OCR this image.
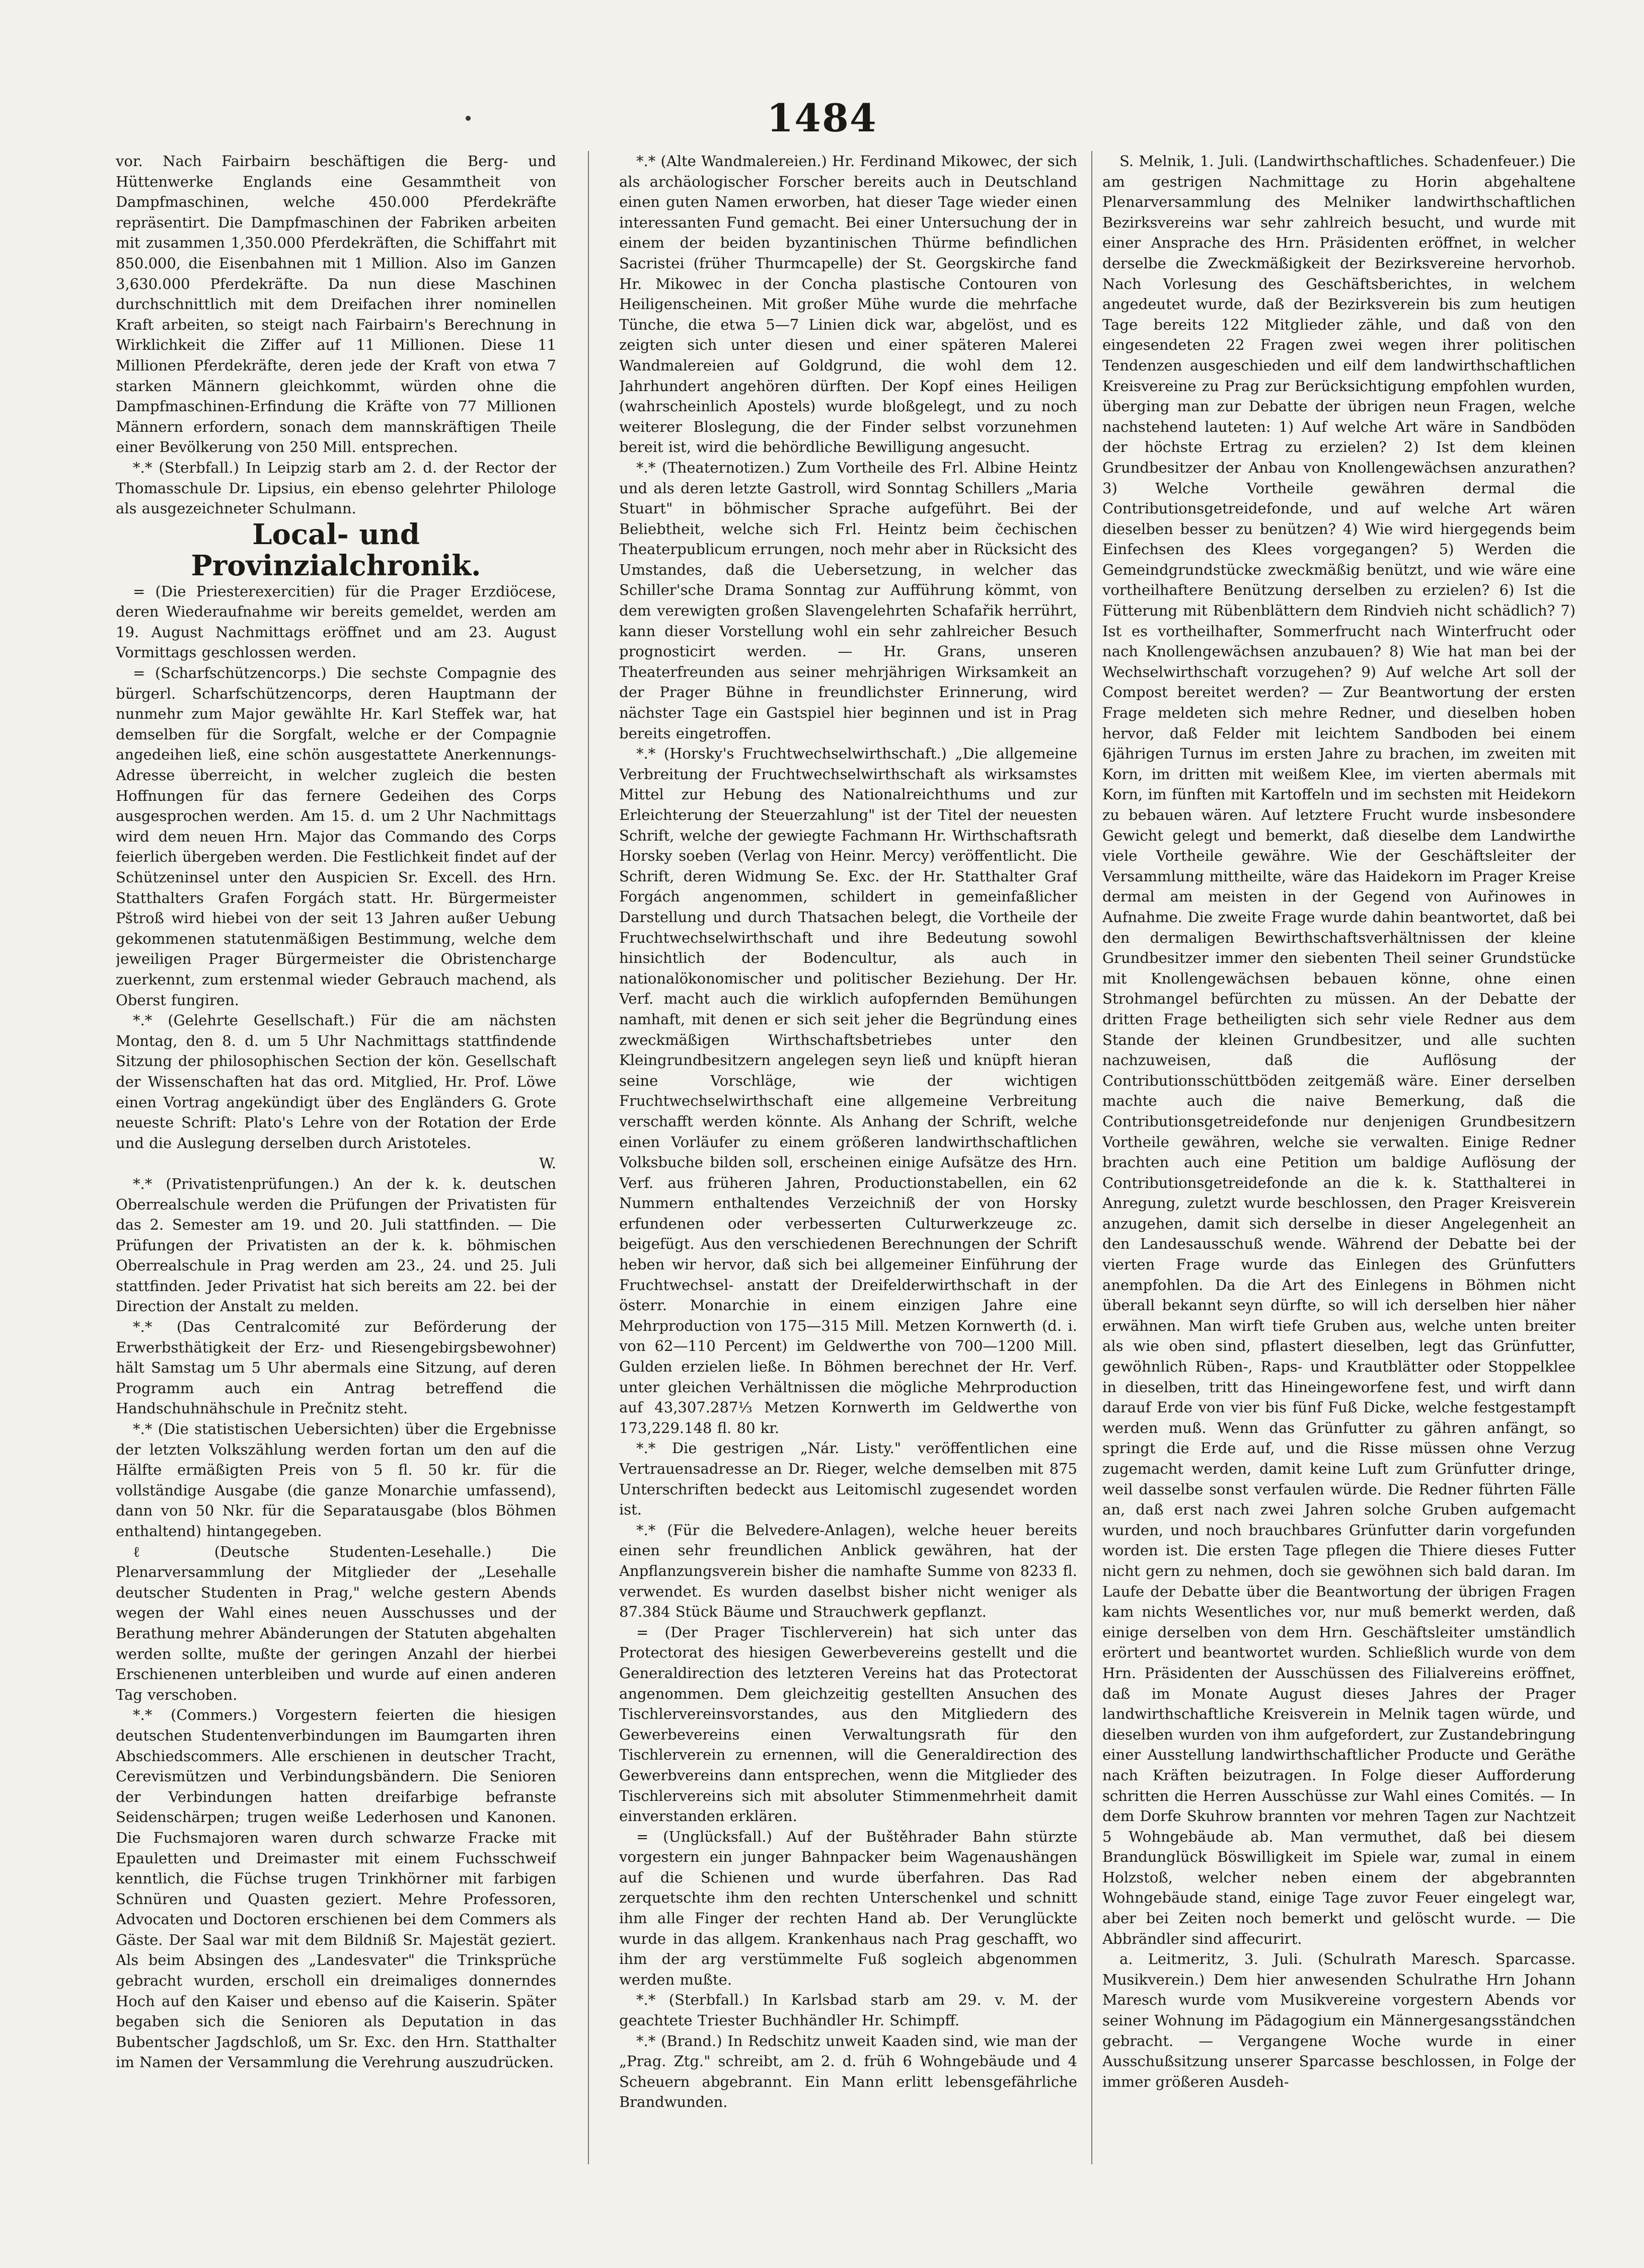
1484

vor. Nach Fairbairn beschäftigen die Berg- und Hüttenwerke Englands eine Gesammtheit von Dampfmaschinen, welche 450.000 Pferdekräfte repräsentirt. Die Dampfmaschinen der Fabriken arbeiten mit zusammen 1,350.000 Pferdekräften, die Schiffahrt mit 850.000, die Eisenbahnen mit 1 Million. Also im Ganzen 3,630.000 Pferdekräfte. Da nun diese Maschinen durchschnittlich mit dem Dreifachen ihrer nominellen Kraft arbeiten, so steigt nach Fairbairn's Berechnung in Wirklichkeit die Ziffer auf 11 Millionen. Diese 11 Millionen Pferdekräfte, deren jede der Kraft von etwa 7 starken Männern gleichkommt, würden ohne die Dampfmaschinen-Erfindung die Kräfte von 77 Millionen Männern erfordern, sonach dem mannskräftigen Theile einer Bevölkerung von 250 Mill. entsprechen.

*.* (Sterbfall.) In Leipzig starb am 2. d. der Rector der Thomasschule Dr. Lipsius, ein ebenso gelehrter Philologe als ausgezeichneter Schulmann.

Local- und Provinzialchronik.

= (Die Priesterexercitien) für die Prager Erzdiöcese, deren Wiederaufnahme wir bereits gemeldet, werden am 19. August Nachmittags eröffnet und am 23. August Vormittags geschlossen werden.

= (Scharfschützencorps.) Die sechste Compagnie des bürgerl. Scharfschützencorps, deren Hauptmann der nunmehr zum Major gewählte Hr. Karl Steffek war, hat demselben für die Sorgfalt, welche er der Compagnie angedeihen ließ, eine schön ausgestattete Anerkennungs-Adresse überreicht, in welcher zugleich die besten Hoffnungen für das fernere Gedeihen des Corps ausgesprochen werden. Am 15. d. um 2 Uhr Nachmittags wird dem neuen Hrn. Major das Commando des Corps feierlich übergeben werden. Die Festlichkeit findet auf der Schützeninsel unter den Auspicien Sr. Excell. des Hrn. Statthalters Grafen Forgách statt. Hr. Bürgermeister Pštroß wird hiebei von der seit 13 Jahren außer Uebung gekommenen statutenmäßigen Bestimmung, welche dem jeweiligen Prager Bürgermeister die Obristencharge zuerkennt, zum erstenmal wieder Gebrauch machend, als Oberst fungiren.

*.* (Gelehrte Gesellschaft.) Für die am nächsten Montag, den 8. d. um 5 Uhr Nachmittags stattfindende Sitzung der philosophischen Section der kön. Gesellschaft der Wissenschaften hat das ord. Mitglied, Hr. Prof. Löwe einen Vortrag angekündigt über des Engländers G. Grote neueste Schrift: Plato's Lehre von der Rotation der Erde und die Auslegung derselben durch Aristoteles.

W.

*.* (Privatistenprüfungen.) An der k. k. deutschen Oberrealschule werden die Prüfungen der Privatisten für das 2. Semester am 19. und 20. Juli stattfinden. — Die Prüfungen der Privatisten an der k. k. böhmischen Oberrealschule in Prag werden am 23., 24. und 25. Juli stattfinden. Jeder Privatist hat sich bereits am 22. bei der Direction der Anstalt zu melden.

*.* (Das Centralcomité zur Beförderung der Erwerbsthätigkeit der Erz- und Riesengebirgsbewohner) hält Samstag um 5 Uhr abermals eine Sitzung, auf deren Programm auch ein Antrag betreffend die Handschuhnähschule in Prečnitz steht.

*.* (Die statistischen Uebersichten) über die Ergebnisse der letzten Volkszählung werden fortan um den auf die Hälfte ermäßigten Preis von 5 fl. 50 kr. für die vollständige Ausgabe (die ganze Monarchie umfassend), dann von 50 Nkr. für die Separatausgabe (blos Böhmen enthaltend) hintangegeben.

ℓ (Deutsche Studenten-Lesehalle.) Die Plenarversammlung der Mitglieder der „Lesehalle deutscher Studenten in Prag," welche gestern Abends wegen der Wahl eines neuen Ausschusses und der Berathung mehrer Abänderungen der Statuten abgehalten werden sollte, mußte der geringen Anzahl der hierbei Erschienenen unterbleiben und wurde auf einen anderen Tag verschoben.

*.* (Commers.) Vorgestern feierten die hiesigen deutschen Studentenverbindungen im Baumgarten ihren Abschiedscommers. Alle erschienen in deutscher Tracht, Cerevismützen und Verbindungsbändern. Die Senioren der Verbindungen hatten dreifarbige befranste Seidenschärpen; trugen weiße Lederhosen und Kanonen. Die Fuchsmajoren waren durch schwarze Fracke mit Epauletten und Dreimaster mit einem Fuchsschweif kenntlich, die Füchse trugen Trinkhörner mit farbigen Schnüren und Quasten geziert. Mehre Professoren, Advocaten und Doctoren erschienen bei dem Commers als Gäste. Der Saal war mit dem Bildniß Sr. Majestät geziert. Als beim Absingen des „Landesvater" die Trinksprüche gebracht wurden, erscholl ein dreimaliges donnerndes Hoch auf den Kaiser und ebenso auf die Kaiserin. Später begaben sich die Senioren als Deputation in das Bubentscher Jagdschloß, um Sr. Exc. den Hrn. Statthalter im Namen der Versammlung die Verehrung auszudrücken.

*.* (Alte Wandmalereien.) Hr. Ferdinand Mikowec, der sich als archäologischer Forscher bereits auch in Deutschland einen guten Namen erworben, hat dieser Tage wieder einen interessanten Fund gemacht. Bei einer Untersuchung der in einem der beiden byzantinischen Thürme befindlichen Sacristei (früher Thurmcapelle) der St. Georgskirche fand Hr. Mikowec in der Concha plastische Contouren von Heiligenscheinen. Mit großer Mühe wurde die mehrfache Tünche, die etwa 5—7 Linien dick war, abgelöst, und es zeigten sich unter diesen und einer späteren Malerei Wandmalereien auf Goldgrund, die wohl dem 12. Jahrhundert angehören dürften. Der Kopf eines Heiligen (wahrscheinlich Apostels) wurde bloßgelegt, und zu noch weiterer Bloslegung, die der Finder selbst vorzunehmen bereit ist, wird die behördliche Bewilligung angesucht.

*.* (Theaternotizen.) Zum Vortheile des Frl. Albine Heintz und als deren letzte Gastroll, wird Sonntag Schillers „Maria Stuart" in böhmischer Sprache aufgeführt. Bei der Beliebtheit, welche sich Frl. Heintz beim čechischen Theaterpublicum errungen, noch mehr aber in Rücksicht des Umstandes, daß die Uebersetzung, in welcher das Schiller'sche Drama Sonntag zur Aufführung kömmt, von dem verewigten großen Slavengelehrten Schafařik herrührt, kann dieser Vorstellung wohl ein sehr zahlreicher Besuch prognosticirt werden. — Hr. Grans, unseren Theaterfreunden aus seiner mehrjährigen Wirksamkeit an der Prager Bühne in freundlichster Erinnerung, wird nächster Tage ein Gastspiel hier beginnen und ist in Prag bereits eingetroffen.

*.* (Horsky's Fruchtwechselwirthschaft.) „Die allgemeine Verbreitung der Fruchtwechselwirthschaft als wirksamstes Mittel zur Hebung des Nationalreichthums und zur Erleichterung der Steuerzahlung" ist der Titel der neuesten Schrift, welche der gewiegte Fachmann Hr. Wirthschaftsrath Horsky soeben (Verlag von Heinr. Mercy) veröffentlicht. Die Schrift, deren Widmung Se. Exc. der Hr. Statthalter Graf Forgách angenommen, schildert in gemeinfaßlicher Darstellung und durch Thatsachen belegt, die Vortheile der Fruchtwechselwirthschaft und ihre Bedeutung sowohl hinsichtlich der Bodencultur, als auch in nationalökonomischer und politischer Beziehung. Der Hr. Verf. macht auch die wirklich aufopfernden Bemühungen namhaft, mit denen er sich seit jeher die Begründung eines zweckmäßigen Wirthschaftsbetriebes unter den Kleingrundbesitzern angelegen seyn ließ und knüpft hieran seine Vorschläge, wie der wichtigen Fruchtwechselwirthschaft eine allgemeine Verbreitung verschafft werden könnte. Als Anhang der Schrift, welche einen Vorläufer zu einem größeren landwirthschaftlichen Volksbuche bilden soll, erscheinen einige Aufsätze des Hrn. Verf. aus früheren Jahren, Productionstabellen, ein 62 Nummern enthaltendes Verzeichniß der von Horsky erfundenen oder verbesserten Culturwerkzeuge zc. beigefügt. Aus den verschiedenen Berechnungen der Schrift heben wir hervor, daß sich bei allgemeiner Einführung der Fruchtwechsel- anstatt der Dreifelderwirthschaft in der österr. Monarchie in einem einzigen Jahre eine Mehrproduction von 175—315 Mill. Metzen Kornwerth (d. i. von 62—110 Percent) im Geldwerthe von 700—1200 Mill. Gulden erzielen ließe. In Böhmen berechnet der Hr. Verf. unter gleichen Verhältnissen die mögliche Mehrproduction auf 43,307.287⅓ Metzen Kornwerth im Geldwerthe von 173,229.148 fl. 80 kr.

*.* Die gestrigen „Nár. Listy." veröffentlichen eine Vertrauensadresse an Dr. Rieger, welche demselben mit 875 Unterschriften bedeckt aus Leitomischl zugesendet worden ist.

*.* (Für die Belvedere-Anlagen), welche heuer bereits einen sehr freundlichen Anblick gewähren, hat der Anpflanzungsverein bisher die namhafte Summe von 8233 fl. verwendet. Es wurden daselbst bisher nicht weniger als 87.384 Stück Bäume und Strauchwerk gepflanzt.

= (Der Prager Tischlerverein) hat sich unter das Protectorat des hiesigen Gewerbevereins gestellt und die Generaldirection des letzteren Vereins hat das Protectorat angenommen. Dem gleichzeitig gestellten Ansuchen des Tischlervereinsvorstandes, aus den Mitgliedern des Gewerbevereins einen Verwaltungsrath für den Tischlerverein zu ernennen, will die Generaldirection des Gewerbvereins dann entsprechen, wenn die Mitglieder des Tischlervereins sich mit absoluter Stimmenmehrheit damit einverstanden erklären.

= (Unglücksfall.) Auf der Buštěhrader Bahn stürzte vorgestern ein junger Bahnpacker beim Wagenaushängen auf die Schienen und wurde überfahren. Das Rad zerquetschte ihm den rechten Unterschenkel und schnitt ihm alle Finger der rechten Hand ab. Der Verunglückte wurde in das allgem. Krankenhaus nach Prag geschafft, wo ihm der arg verstümmelte Fuß sogleich abgenommen werden mußte.

*.* (Sterbfall.) In Karlsbad starb am 29. v. M. der geachtete Triester Buchhändler Hr. Schimpff.

*.* (Brand.) In Redschitz unweit Kaaden sind, wie man der „Prag. Ztg." schreibt, am 2. d. früh 6 Wohngebäude und 4 Scheuern abgebrannt. Ein Mann erlitt lebensgefährliche Brandwunden.

S. Melnik, 1. Juli. (Landwirthschaftliches. Schadenfeuer.) Die am gestrigen Nachmittage zu Horin abgehaltene Plenarversammlung des Melniker landwirthschaftlichen Bezirksvereins war sehr zahlreich besucht, und wurde mit einer Ansprache des Hrn. Präsidenten eröffnet, in welcher derselbe die Zweckmäßigkeit der Bezirksvereine hervorhob. Nach Vorlesung des Geschäftsberichtes, in welchem angedeutet wurde, daß der Bezirksverein bis zum heutigen Tage bereits 122 Mitglieder zähle, und daß von den eingesendeten 22 Fragen zwei wegen ihrer politischen Tendenzen ausgeschieden und eilf dem landwirthschaftlichen Kreisvereine zu Prag zur Berücksichtigung empfohlen wurden, überging man zur Debatte der übrigen neun Fragen, welche nachstehend lauteten: 1) Auf welche Art wäre in Sandböden der höchste Ertrag zu erzielen? 2) Ist dem kleinen Grundbesitzer der Anbau von Knollengewächsen anzurathen? 3) Welche Vortheile gewähren dermal die Contributionsgetreidefonde, und auf welche Art wären dieselben besser zu benützen? 4) Wie wird hiergegends beim Einfechsen des Klees vorgegangen? 5) Werden die Gemeindgrundstücke zweckmäßig benützt, und wie wäre eine vortheilhaftere Benützung derselben zu erzielen? 6) Ist die Fütterung mit Rübenblättern dem Rindvieh nicht schädlich? 7) Ist es vortheilhafter, Sommerfrucht nach Winterfrucht oder nach Knollengewächsen anzubauen? 8) Wie hat man bei der Wechselwirthschaft vorzugehen? 9) Auf welche Art soll der Compost bereitet werden? — Zur Beantwortung der ersten Frage meldeten sich mehre Redner, und dieselben hoben hervor, daß Felder mit leichtem Sandboden bei einem 6jährigen Turnus im ersten Jahre zu brachen, im zweiten mit Korn, im dritten mit weißem Klee, im vierten abermals mit Korn, im fünften mit Kartoffeln und im sechsten mit Heidekorn zu bebauen wären. Auf letztere Frucht wurde insbesondere Gewicht gelegt und bemerkt, daß dieselbe dem Landwirthe viele Vortheile gewähre. Wie der Geschäftsleiter der Versammlung mittheilte, wäre das Haidekorn im Prager Kreise dermal am meisten in der Gegend von Auřinowes in Aufnahme. Die zweite Frage wurde dahin beantwortet, daß bei den dermaligen Bewirthschaftsverhältnissen der kleine Grundbesitzer immer den siebenten Theil seiner Grundstücke mit Knollengewächsen bebauen könne, ohne einen Strohmangel befürchten zu müssen. An der Debatte der dritten Frage betheiligten sich sehr viele Redner aus dem Stande der kleinen Grundbesitzer, und alle suchten nachzuweisen, daß die Auflösung der Contributionsschüttböden zeitgemäß wäre. Einer derselben machte auch die naive Bemerkung, daß die Contributionsgetreidefonde nur denjenigen Grundbesitzern Vortheile gewähren, welche sie verwalten. Einige Redner brachten auch eine Petition um baldige Auflösung der Contributionsgetreidefonde an die k. k. Statthalterei in Anregung, zuletzt wurde beschlossen, den Prager Kreisverein anzugehen, damit sich derselbe in dieser Angelegenheit an den Landesausschuß wende. Während der Debatte bei der vierten Frage wurde das Einlegen des Grünfutters anempfohlen. Da die Art des Einlegens in Böhmen nicht überall bekannt seyn dürfte, so will ich derselben hier näher erwähnen. Man wirft tiefe Gruben aus, welche unten breiter als wie oben sind, pflastert dieselben, legt das Grünfutter, gewöhnlich Rüben-, Raps- und Krautblätter oder Stoppelklee in dieselben, tritt das Hineingeworfene fest, und wirft dann darauf Erde von vier bis fünf Fuß Dicke, welche festgestampft werden muß. Wenn das Grünfutter zu gähren anfängt, so springt die Erde auf, und die Risse müssen ohne Verzug zugemacht werden, damit keine Luft zum Grünfutter dringe, weil dasselbe sonst verfaulen würde. Die Redner führten Fälle an, daß erst nach zwei Jahren solche Gruben aufgemacht wurden, und noch brauchbares Grünfutter darin vorgefunden worden ist. Die ersten Tage pflegen die Thiere dieses Futter nicht gern zu nehmen, doch sie gewöhnen sich bald daran. Im Laufe der Debatte über die Beantwortung der übrigen Fragen kam nichts Wesentliches vor, nur muß bemerkt werden, daß einige derselben von dem Hrn. Geschäftsleiter umständlich erörtert und beantwortet wurden. Schließlich wurde von dem Hrn. Präsidenten der Ausschüssen des Filialvereins eröffnet, daß im Monate August dieses Jahres der Prager landwirthschaftliche Kreisverein in Melnik tagen würde, und dieselben wurden von ihm aufgefordert, zur Zustandebringung einer Ausstellung landwirthschaftlicher Producte und Geräthe nach Kräften beizutragen. In Folge dieser Aufforderung schritten die Herren Ausschüsse zur Wahl eines Comités. — In dem Dorfe Skuhrow brannten vor mehren Tagen zur Nachtzeit 5 Wohngebäude ab. Man vermuthet, daß bei diesem Brandunglück Böswilligkeit im Spiele war, zumal in einem Holzstoß, welcher neben einem der abgebrannten Wohngebäude stand, einige Tage zuvor Feuer eingelegt war, aber bei Zeiten noch bemerkt und gelöscht wurde. — Die Abbrändler sind affecurirt.

a. Leitmeritz, 3. Juli. (Schulrath Maresch. Sparcasse. Musikverein.) Dem hier anwesenden Schulrathe Hrn Johann Maresch wurde vom Musikvereine vorgestern Abends vor seiner Wohnung im Pädagogium ein Männergesangsständchen gebracht. — Vergangene Woche wurde in einer Ausschußsitzung unserer Sparcasse beschlossen, in Folge der immer größeren Ausdeh-
